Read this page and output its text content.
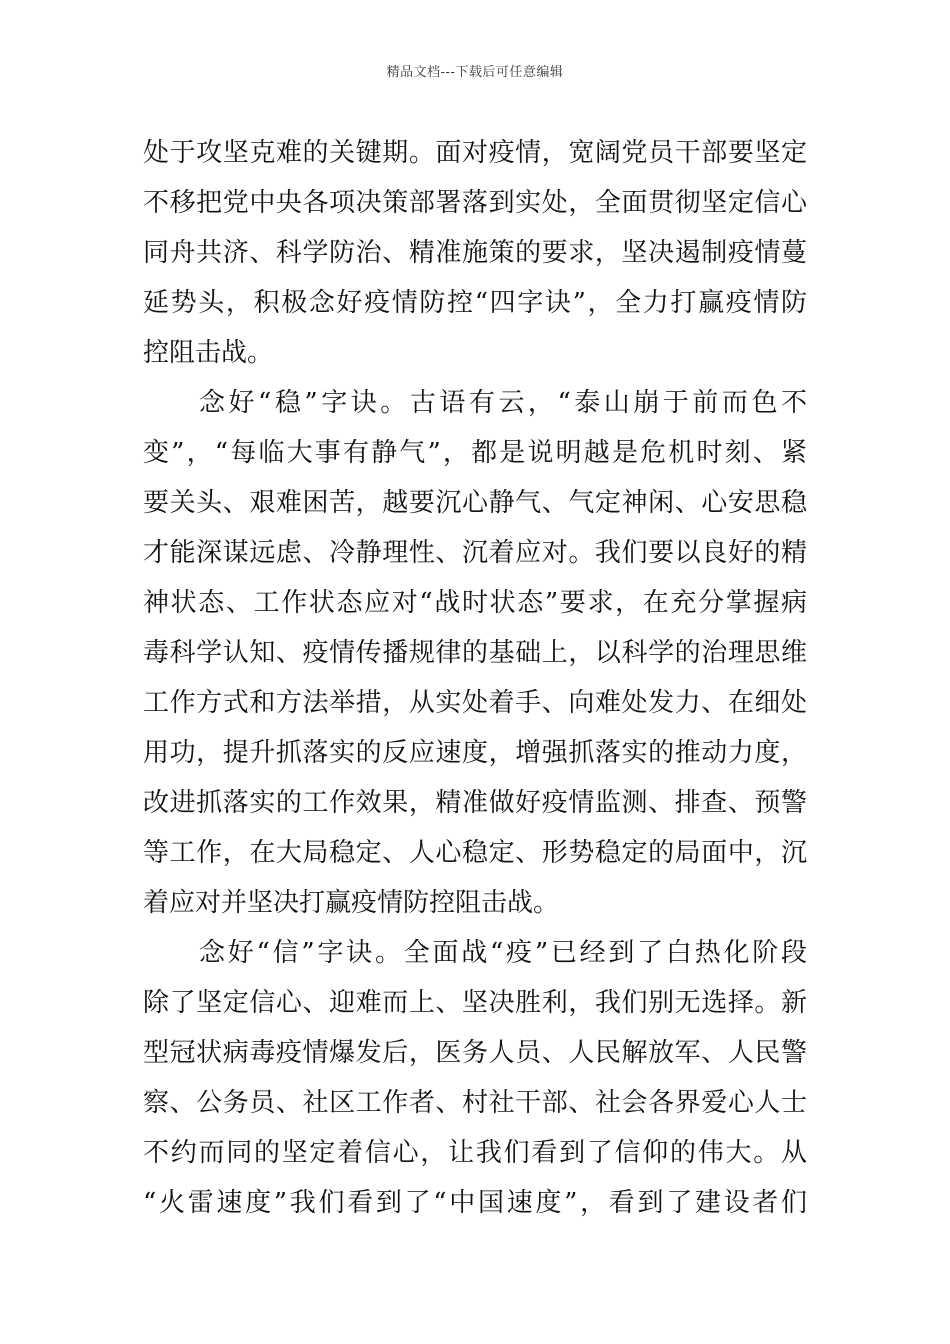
精品文档---下载后可任意编辑
处于攻坚克难的关键期。面对疫情，宽阔党员干部要坚定
不移把党中央各项决策部署落到实处，全面贯彻坚定信心
同舟共济、科学防治、精准施策的要求，坚决遏制疫情蔓
延势头，积极念好疫情防控“四字诀”，全力打赢疫情防
控阻击战。
念好“稳”字诀。古语有云，“泰山崩于前而色不
变”，“每临大事有静气”，都是说明越是危机时刻、紧
要关头、艰难困苦，越要沉心静气、气定神闲、心安思稳
才能深谋远虑、冷静理性、沉着应对。我们要以良好的精
神状态、工作状态应对“战时状态”要求，在充分掌握病
毒科学认知、疫情传播规律的基础上，以科学的治理思维
工作方式和方法举措，从实处着手、向难处发力、在细处
用功，提升抓落实的反应速度，增强抓落实的推动力度，
改进抓落实的工作效果，精准做好疫情监测、排查、预警
等工作，在大局稳定、人心稳定、形势稳定的局面中，沉
着应对并坚决打赢疫情防控阻击战。
念好“信”字诀。全面战“疫”已经到了白热化阶段
除了坚定信心、迎难而上、坚决胜利，我们别无选择。新
型冠状病毒疫情爆发后，医务人员、人民解放军、人民警
察、公务员、社区工作者、村社干部、社会各界爱心人士
不约而同的坚定着信心，让我们看到了信仰的伟大。从
“火雷速度”我们看到了“中国速度”，看到了建设者们
